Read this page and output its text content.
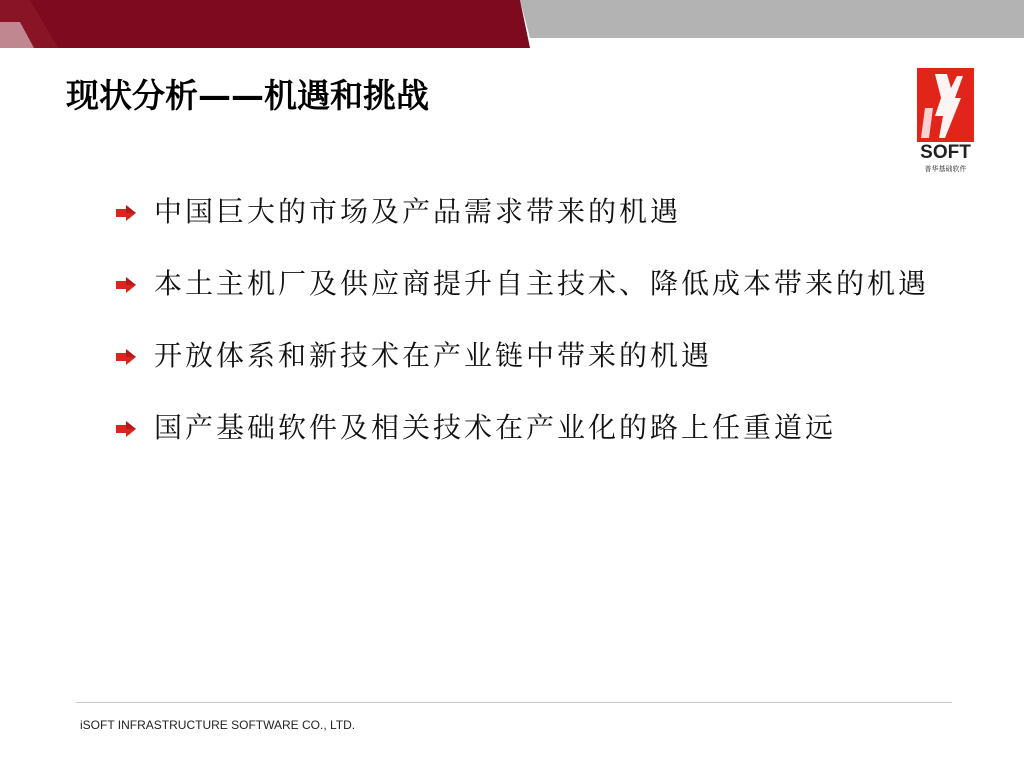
现状分析——机遇和挑战
SOFT
普华基础软件
中国巨大的市场及产品需求带来的机遇
本土主机厂及供应商提升自主技术、降低成本带来的机遇
开放体系和新技术在产业链中带来的机遇
国产基础软件及相关技术在产业化的路上任重道远
iSOFT INFRASTRUCTURE SOFTWARE CO., LTD.
